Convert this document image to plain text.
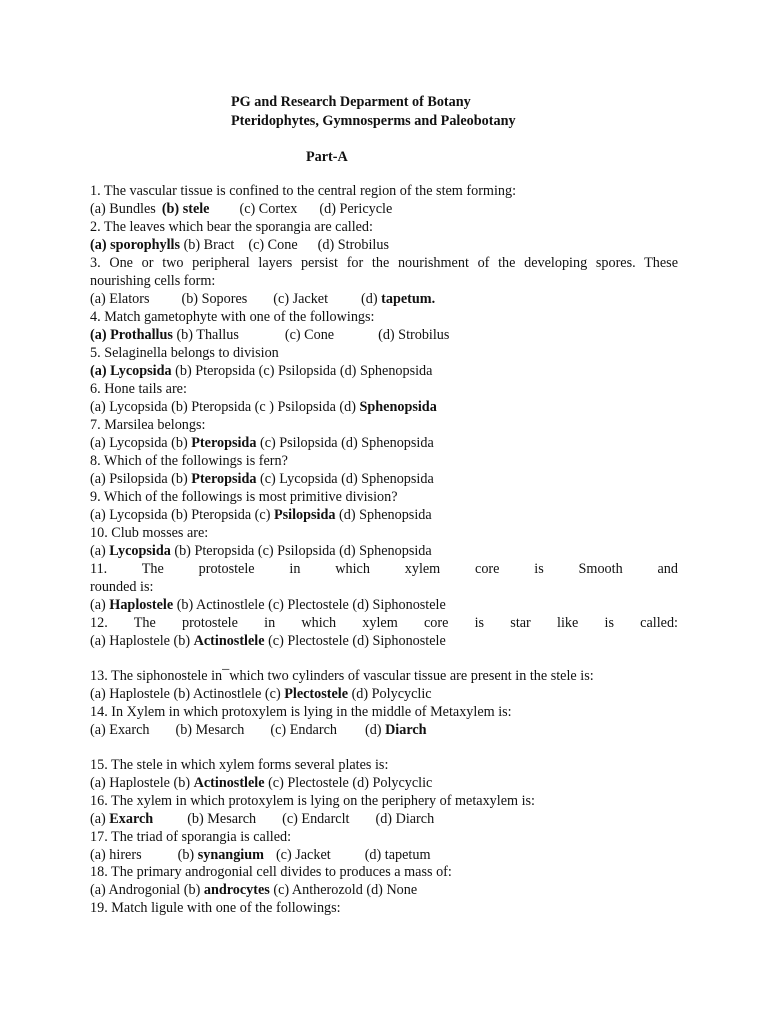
PG and Research Deparment of Botany
Pteridophytes, Gymnosperms and Paleobotany
Part-A
1. The vascular tissue is confined to the central region of the stem forming:
(a) Bundles (b) stele (c) Cortex (d) Pericycle
2. The leaves which bear the sporangia are called:
(a) sporophylls (b) Bract (c) Cone (d) Strobilus
3. One or two peripheral layers persist for the nourishment of the developing spores. These
nourishing cells form:
(a) Elators (b) Sopores (c) Jacket (d) tapetum.
4. Match gametophyte with one of the followings:
(a) Prothallus (b) Thallus	(c) Cone	(d) Strobilus
5. Selaginella belongs to division
(a) Lycopsida (b) Pteropsida (c) Psilopsida (d) Sphenopsida
6. Hone tails are:
(a) Lycopsida (b) Pteropsida (c ) Psilopsida (d) Sphenopsida
7. Marsilea belongs:
(a) Lycopsida (b) Pteropsida (c) Psilopsida (d) Sphenopsida
8. Which of the followings is fern?
(a) Psilopsida (b) Pteropsida (c) Lycopsida (d) Sphenopsida
9. Which of the followings is most primitive division?
(a) Lycopsida (b) Pteropsida (c) Psilopsida (d) Sphenopsida
10. Club mosses are:
(a) Lycopsida (b) Pteropsida (c) Psilopsida (d) Sphenopsida
11. The protostele in which xylem core is Smooth and
rounded is:
(a) Haplostele (b) Actinostlele (c) Plectostele (d) Siphonostele
12. The protostele in which xylem core is star like is called:
(a) Haplostele (b) Actinostlele (c) Plectostele (d) Siphonostele
13. The siphonostele in¯which two cylinders of vascular tissue are present in the stele is:
(a) Haplostele (b) Actinostlele (c) Plectostele (d) Polycyclic
14. In Xylem in which protoxylem is lying in the middle of Metaxylem is:
(a) Exarch (b) Mesarch (c) Endarch (d) Diarch
15. The stele in which xylem forms several plates is:
(a) Haplostele (b) Actinostlele (c) Plectostele (d) Polycyclic
16. The xylem in which protoxylem is lying on the periphery of metaxylem is:
(a) Exarch (b) Mesarch (c) Endarclt (d) Diarch
17. The triad of sporangia is called:
(a) hirers	(b) synangium (c) Jacket (d) tapetum
18. The primary androgonial cell divides to produces a mass of:
(a) Androgonial (b) androcytes (c) Antherozold (d) None
19. Match ligule with one of the followings:
